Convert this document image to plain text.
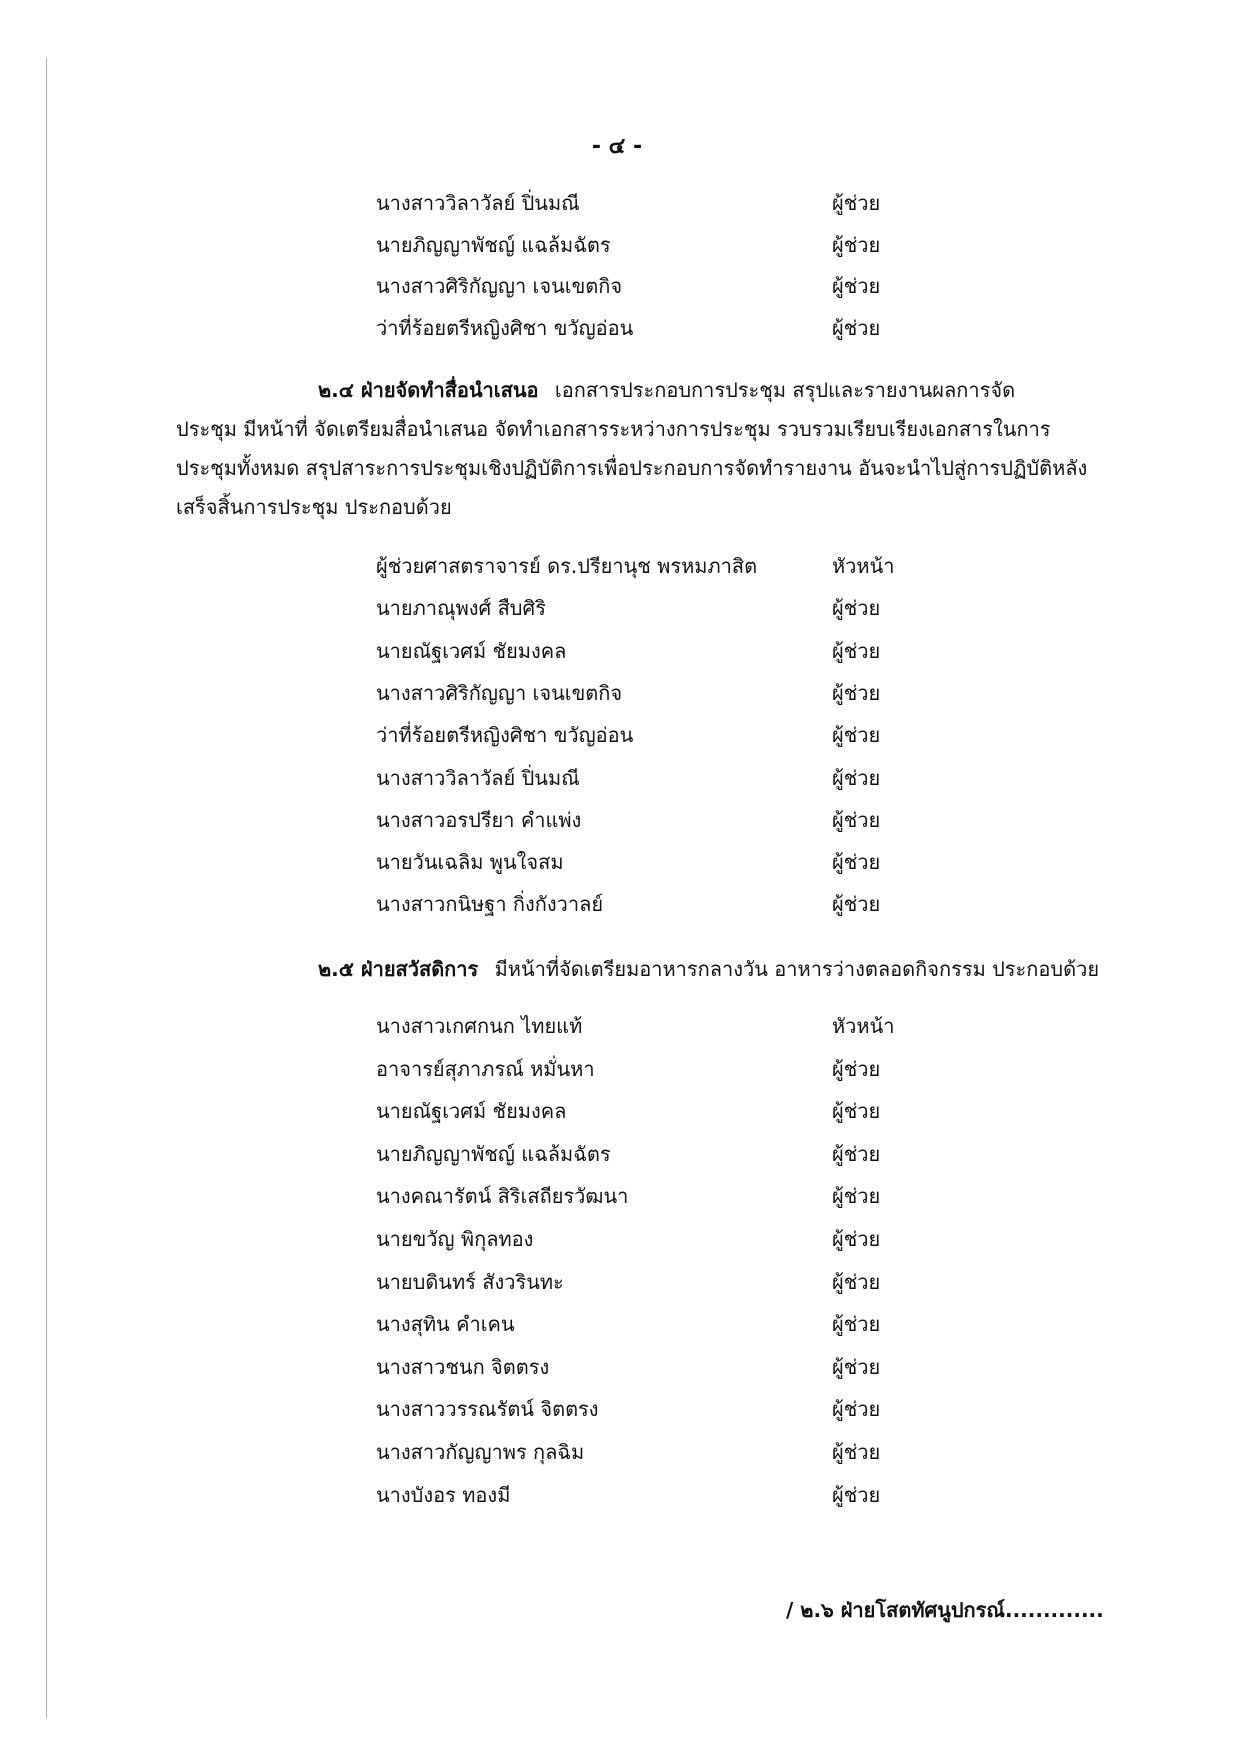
- ๔ -
นางสาววิลาวัลย์ ปิ่นมณี	ผู้ช่วย
นายภิญญาพัชญ์ แฉล้มฉัตร	ผู้ช่วย
นางสาวศิริกัญญา เจนเขตกิจ	ผู้ช่วย
ว่าที่ร้อยตรีหญิงศิชา ขวัญอ่อน	ผู้ช่วย
๒.๔ ฝ่ายจัดทำสื่อนำเสนอ เอกสารประกอบการประชุม สรุปและรายงานผลการจัด
ประชุม มีหน้าที่ จัดเตรียมสื่อนำเสนอ จัดทำเอกสารระหว่างการประชุม รวบรวมเรียบเรียงเอกสารในการ
ประชุมทั้งหมด สรุปสาระการประชุมเชิงปฏิบัติการเพื่อประกอบการจัดทำรายงาน อันจะนำไปสู่การปฏิบัติหลัง
เสร็จสิ้นการประชุม ประกอบด้วย
ผู้ช่วยศาสตราจารย์ ดร.ปรียานุช พรหมภาสิต	หัวหน้า
นายภาณุพงศ์ สืบศิริ	ผู้ช่วย
นายณัฐเวศม์ ชัยมงคล	ผู้ช่วย
นางสาวศิริกัญญา เจนเขตกิจ	ผู้ช่วย
ว่าที่ร้อยตรีหญิงศิชา ขวัญอ่อน	ผู้ช่วย
นางสาววิลาวัลย์ ปิ่นมณี	ผู้ช่วย
นางสาวอรปรียา คำแพ่ง	ผู้ช่วย
นายวันเฉลิม พูนใจสม	ผู้ช่วย
นางสาวกนิษฐา กิ่งกังวาลย์	ผู้ช่วย
๒.๕ ฝ่ายสวัสดิการ มีหน้าที่จัดเตรียมอาหารกลางวัน อาหารว่างตลอดกิจกรรม ประกอบด้วย
นางสาวเกศกนก ไทยแท้	หัวหน้า
อาจารย์สุภาภรณ์ หมั่นหา	ผู้ช่วย
นายณัฐเวศม์ ชัยมงคล	ผู้ช่วย
นายภิญญาพัชญ์ แฉล้มฉัตร	ผู้ช่วย
นางคณารัตน์ สิริเสถียรวัฒนา	ผู้ช่วย
นายขวัญ พิกุลทอง	ผู้ช่วย
นายบดินทร์ สังวรินทะ	ผู้ช่วย
นางสุทิน คำเคน	ผู้ช่วย
นางสาวชนก จิตตรง	ผู้ช่วย
นางสาววรรณรัตน์ จิตตรง	ผู้ช่วย
นางสาวกัญญาพร กุลฉิม	ผู้ช่วย
นางบังอร ทองมี	ผู้ช่วย
/ ๒.๖ ฝ่ายโสตทัศนูปกรณ์.............
